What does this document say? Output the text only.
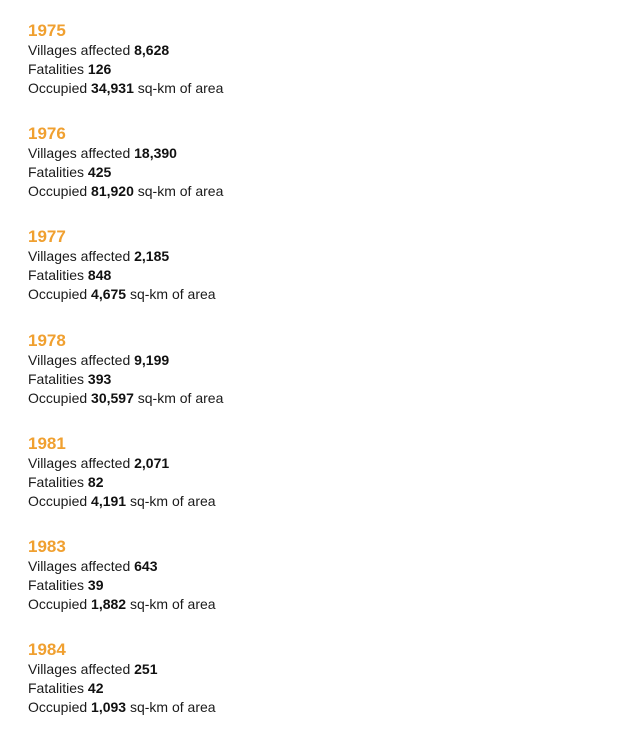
1975
Villages affected 8,628
Fatalities 126
Occupied 34,931 sq-km of area
1976
Villages affected 18,390
Fatalities 425
Occupied 81,920 sq-km of area
1977
Villages affected 2,185
Fatalities 848
Occupied 4,675 sq-km of area
1978
Villages affected 9,199
Fatalities 393
Occupied 30,597 sq-km of area
1981
Villages affected 2,071
Fatalities 82
Occupied 4,191 sq-km of area
1983
Villages affected 643
Fatalities 39
Occupied 1,882 sq-km of area
1984
Villages affected 251
Fatalities 42
Occupied 1,093 sq-km of area
